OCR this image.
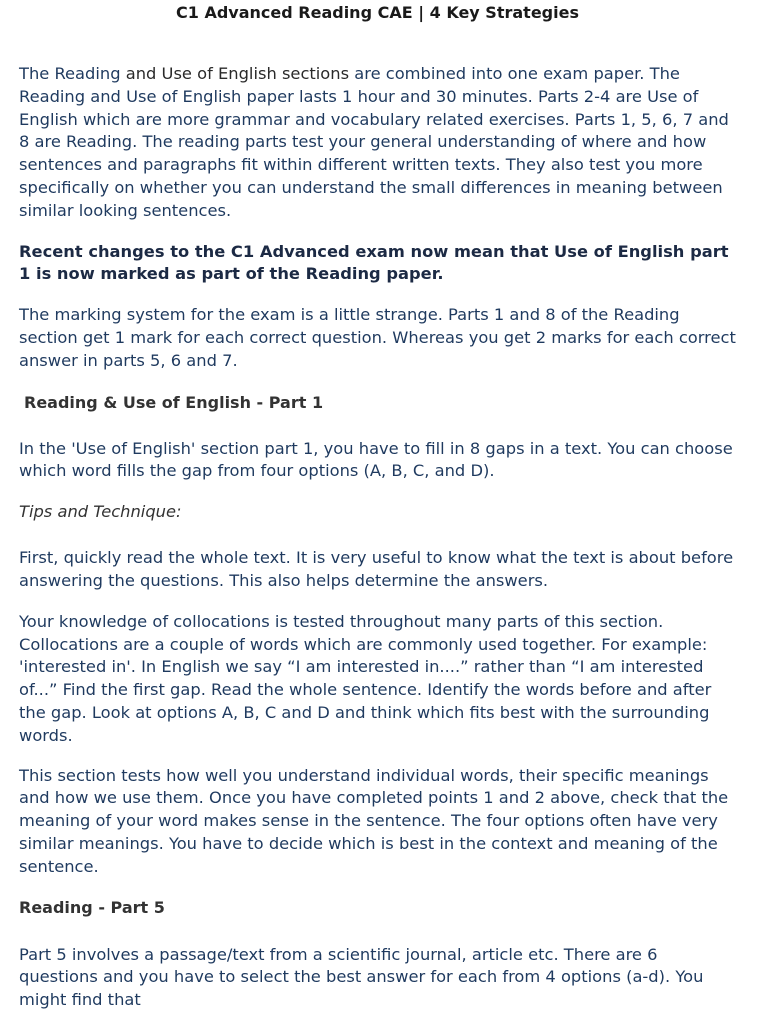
C1 Advanced Reading CAE | 4 Key Strategies

The Reading and Use of English sections are combined into one exam paper. The Reading and Use of English paper lasts 1 hour and 30 minutes. Parts 2-4 are Use of English which are more grammar and vocabulary related exercises. Parts 1, 5, 6, 7 and 8 are Reading. The reading parts test your general understanding of where and how sentences and paragraphs fit within different written texts. They also test you more specifically on whether you can understand the small differences in meaning between similar looking sentences.

Recent changes to the C1 Advanced exam now mean that Use of English part 1 is now marked as part of the Reading paper.

The marking system for the exam is a little strange. Parts 1 and 8 of the Reading section get 1 mark for each correct question. Whereas you get 2 marks for each correct answer in parts 5, 6 and 7.

Reading & Use of English - Part 1

In the 'Use of English' section part 1, you have to fill in 8 gaps in a text. You can choose which word fills the gap from four options (A, B, C, and D).

Tips and Technique:

First, quickly read the whole text. It is very useful to know what the text is about before answering the questions. This also helps determine the answers.

Your knowledge of collocations is tested throughout many parts of this section. Collocations are a couple of words which are commonly used together. For example: 'interested in'. In English we say “I am interested in....” rather than “I am interested of...” Find the first gap. Read the whole sentence. Identify the words before and after the gap. Look at options A, B, C and D and think which fits best with the surrounding words.

This section tests how well you understand individual words, their specific meanings and how we use them. Once you have completed points 1 and 2 above, check that the meaning of your word makes sense in the sentence. The four options often have very similar meanings. You have to decide which is best in the context and meaning of the sentence.

Reading - Part 5

Part 5 involves a passage/text from a scientific journal, article etc. There are 6 questions and you have to select the best answer for each from 4 options (a-d). You might find that
